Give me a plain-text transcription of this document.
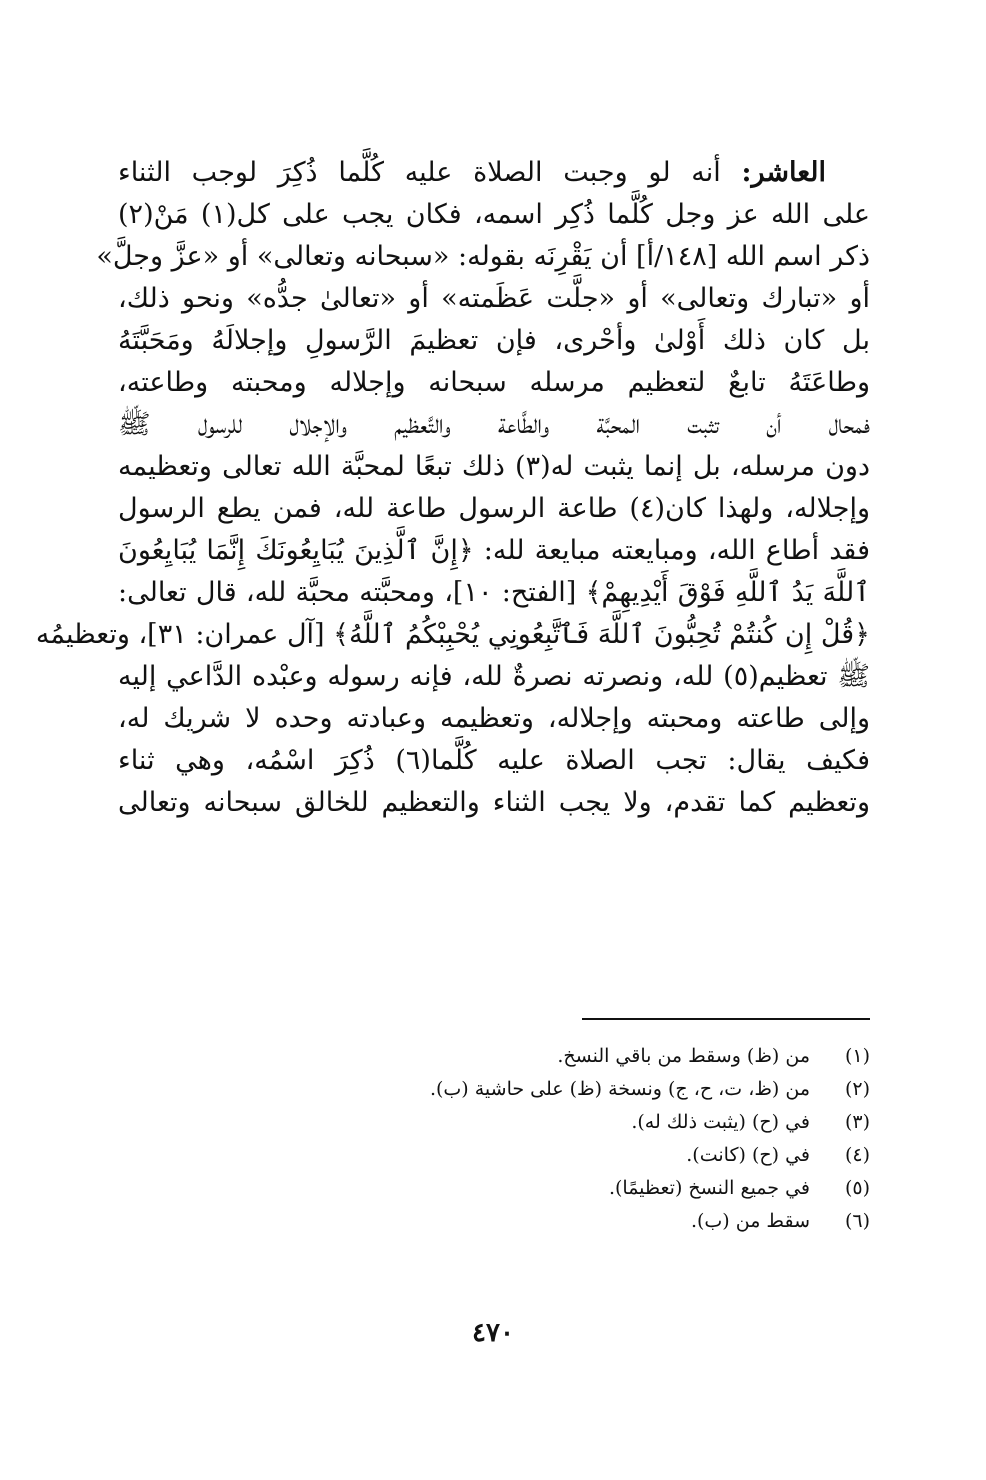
العاشر: أنه لو وجبت الصلاة عليه كُلَّما ذُكِرَ لوجب الثناء
على الله عز وجل كُلَّما ذُكِر اسمه، فكان يجب على كل(١) مَنْ(٢)
ذكر اسم الله [١٤٨/أ] أن يَقْرِنَه بقوله: «سبحانه وتعالى» أو «عزَّ وجلَّ»
أو «تبارك وتعالى» أو «جلَّت عَظَمته» أو «تعالىٰ جدُّه» ونحو ذلك،
بل كان ذلك أَوْلىٰ وأحْرى، فإن تعظيمَ الرَّسولِ وإجلالَهُ ومَحَبَّتَهُ
وطاعَتَهُ تابعٌ لتعظيم مرسله سبحانه وإجلاله ومحبته وطاعته،
فمحال أن تثبت المحبَّة والطَّاعة والتَّعظيم والإجلال للرسول ﷺ
دون مرسله، بل إنما يثبت له(٣) ذلك تبعًا لمحبَّة الله تعالى وتعظيمه
وإجلاله، ولهذا كان(٤) طاعة الرسول طاعة لله، فمن يطع الرسول
فقد أطاع الله، ومبايعته مبايعة لله: ﴿إِنَّ ٱلَّذِينَ يُبَايِعُونَكَ إِنَّمَا يُبَايِعُونَ
ٱللَّهَ يَدُ ٱللَّهِ فَوْقَ أَيْدِيهِمْ﴾ [الفتح: ١٠]، ومحبَّته محبَّة لله، قال تعالى:
﴿قُلْ إِن كُنتُمْ تُحِبُّونَ ٱللَّهَ فَٱتَّبِعُونِي يُحْبِبْكُمُ ٱللَّهُ﴾ [آل عمران: ٣١]، وتعظيمُه
ﷺ تعظيم(٥) لله، ونصرته نصرةٌ لله، فإنه رسوله وعبْده الدَّاعي إليه
وإلى طاعته ومحبته وإجلاله، وتعظيمه وعبادته وحده لا شريك له،
فكيف يقال: تجب الصلاة عليه كُلَّما(٦) ذُكِرَ اسْمُه، وهي ثناء
وتعظيم كما تقدم، ولا يجب الثناء والتعظيم للخالق سبحانه وتعالى
(١)من (ظ) وسقط من باقي النسخ.
(٢)من (ظ، ت، ح، ج) ونسخة (ظ) على حاشية (ب).
(٣)في (ح) (يثبت ذلك له).
(٤)في (ح) (كانت).
(٥)في جميع النسخ (تعظيمًا).
(٦)سقط من (ب).
٤٧٠
